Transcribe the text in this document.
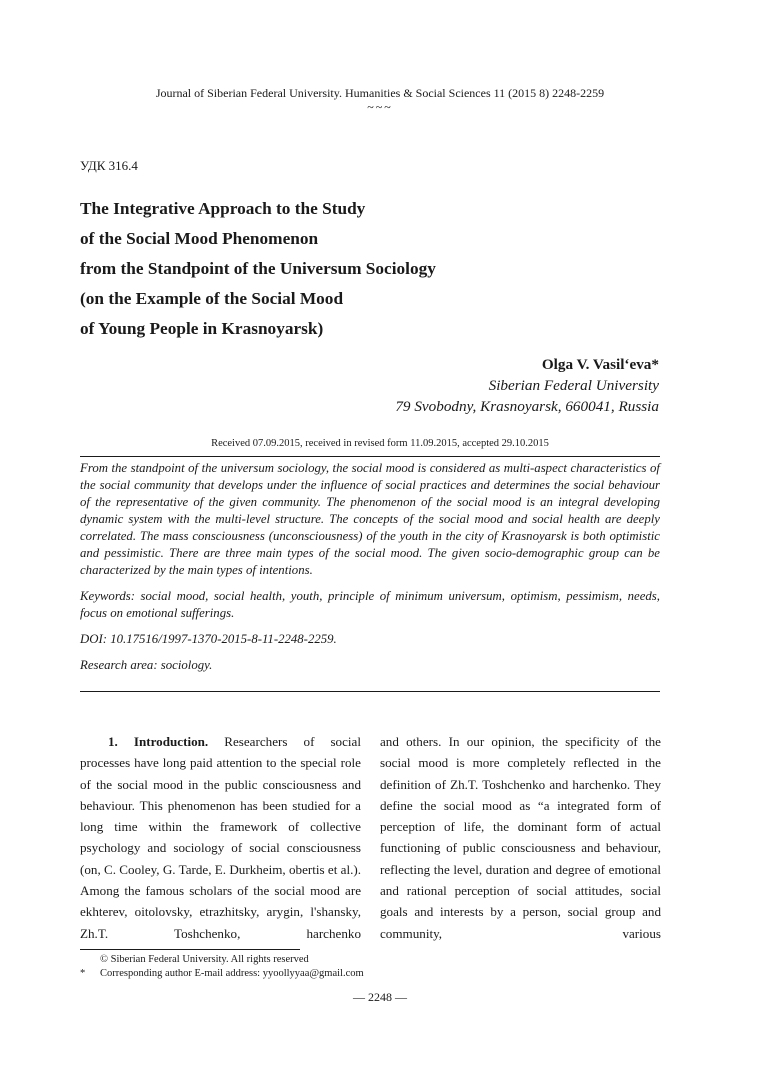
Journal of Siberian Federal University. Humanities & Social Sciences 11 (2015 8) 2248-2259
~~~
УДК 316.4
The Integrative Approach to the Study
of the Social Mood Phenomenon
from the Standpoint of the Universum Sociology
(on the Example of the Social Mood
of Young People in Krasnoyarsk)
Olga V. Vasil‘eva*
Siberian Federal University
79 Svobodny, Krasnoyarsk, 660041, Russia
Received 07.09.2015, received in revised form 11.09.2015, accepted 29.10.2015

From the standpoint of the universum sociology, the social mood is considered as multi-aspect characteristics of the social community that develops under the influence of social practices and determines the social behaviour of the representative of the given community. The phenomenon of the social mood is an integral developing dynamic system with the multi-level structure. The concepts of the social mood and social health are deeply correlated. The mass consciousness (unconsciousness) of the youth in the city of Krasnoyarsk is both optimistic and pessimistic. There are three main types of the social mood. The given socio-demographic group can be characterized by the main types of intentions.

Keywords: social mood, social health, youth, principle of minimum universum, optimism, pessimism, needs, focus on emotional sufferings.

DOI: 10.17516/1997-1370-2015-8-11-2248-2259.

Research area: sociology.

1. Introduction. Researchers of social processes have long paid attention to the special role of the social mood in the public consciousness and behaviour. This phenomenon has been studied for a long time within the framework of collective psychology and sociology of social consciousness (on, C. Cooley, G. Tarde, E. Durkheim, obertis et al.). Among the famous scholars of the social mood are ekhterev, oitolovsky, etrazhitsky, arygin, l'shansky, Zh.T. Toshchenko, harchenko

and others. In our opinion, the specificity of the social mood is more completely reflected in the definition of Zh.T. Toshchenko and harchenko. They define the social mood as “a integrated form of perception of life, the dominant form of actual functioning of public consciousness and behaviour, reflecting the level, duration and degree of emotional and rational perception of social attitudes, social goals and interests by a person, social group and community, various

© Siberian Federal University. All rights reserved
* Corresponding author E-mail address: yyoollyyaa@gmail.com
— 2248 —
